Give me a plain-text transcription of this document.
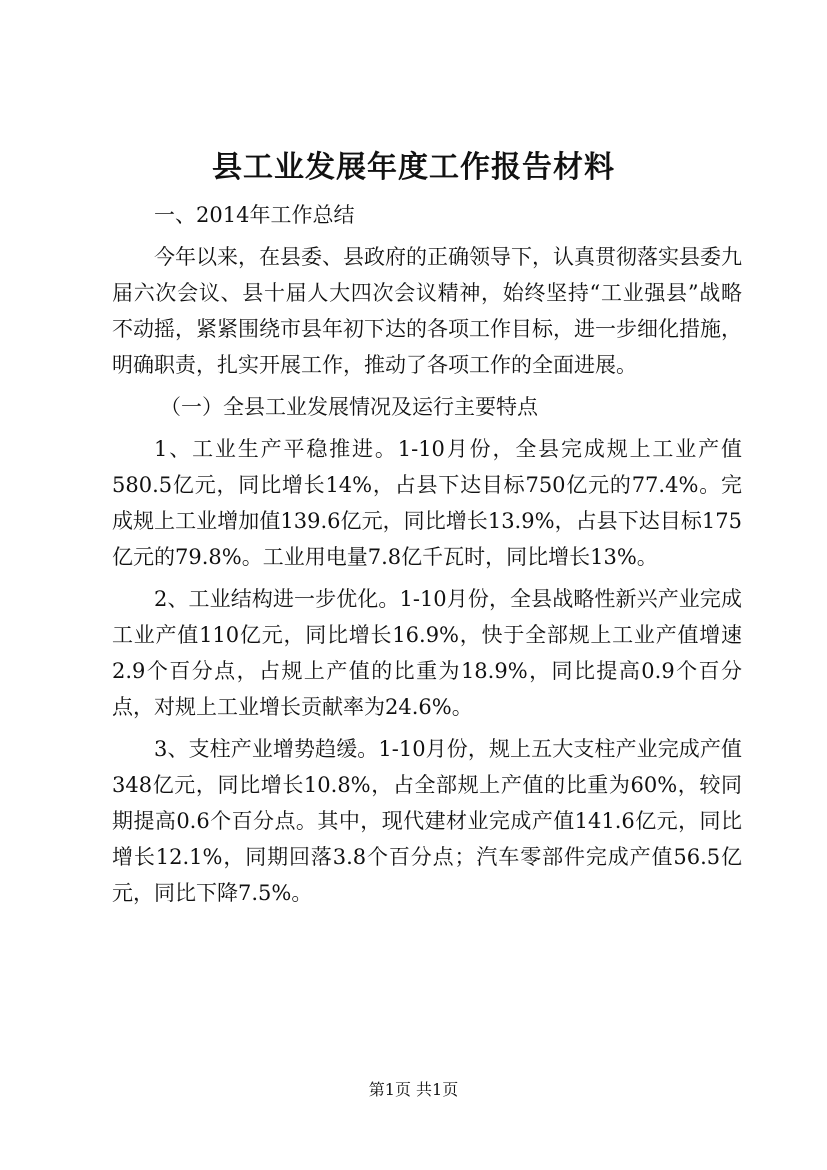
县工业发展年度工作报告材料

一、2014年工作总结

今年以来，在县委、县政府的正确领导下，认真贯彻落实县委九届六次会议、县十届人大四次会议精神，始终坚持“工业强县”战略不动摇，紧紧围绕市县年初下达的各项工作目标，进一步细化措施，明确职责，扎实开展工作，推动了各项工作的全面进展。

（一）全县工业发展情况及运行主要特点

1、工业生产平稳推进。1-10月份，全县完成规上工业产值580.5亿元，同比增长14%，占县下达目标750亿元的77.4%。完成规上工业增加值139.6亿元，同比增长13.9%，占县下达目标175亿元的79.8%。工业用电量7.8亿千瓦时，同比增长13%。

2、工业结构进一步优化。1-10月份，全县战略性新兴产业完成工业产值110亿元，同比增长16.9%，快于全部规上工业产值增速2.9个百分点，占规上产值的比重为18.9%，同比提高0.9个百分点，对规上工业增长贡献率为24.6%。

3、支柱产业增势趋缓。1-10月份，规上五大支柱产业完成产值348亿元，同比增长10.8%，占全部规上产值的比重为60%，较同期提高0.6个百分点。其中，现代建材业完成产值141.6亿元，同比增长12.1%，同期回落3.8个百分点；汽车零部件完成产值56.5亿元，同比下降7.5%。

第1页 共1页
